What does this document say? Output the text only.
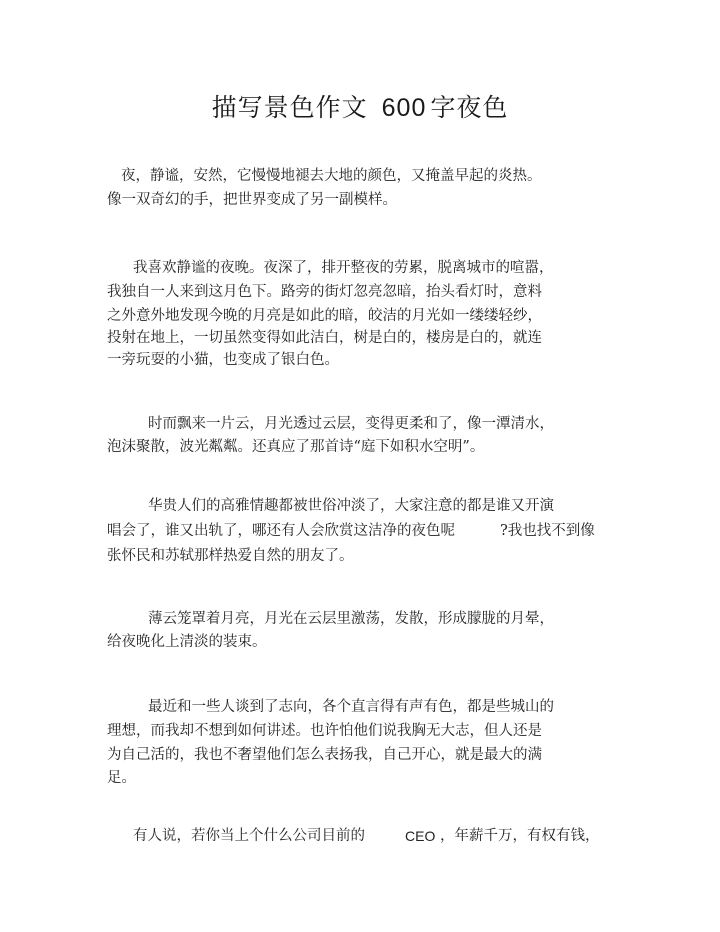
描写景色作文 600 字夜色
夜，静谧，安然，它慢慢地褪去大地的颜色，又掩盖早起的炎热。
像一双奇幻的手，把世界变成了另一副模样。
我喜欢静谧的夜晚。夜深了，排开整夜的劳累，脱离城市的喧嚣，
我独自一人来到这月色下。路旁的街灯忽亮忽暗，抬头看灯时，意料
之外意外地发现今晚的月亮是如此的暗，皎洁的月光如一缕缕轻纱，
投射在地上，一切虽然变得如此洁白，树是白的，楼房是白的，就连
一旁玩耍的小猫，也变成了银白色。
时而飘来一片云，月光透过云层，变得更柔和了，像一潭清水，
泡沫聚散，波光粼粼。还真应了那首诗“庭下如积水空明”。
华贵人们的高雅情趣都被世俗冲淡了，大家注意的都是谁又开演
唱会了，谁又出轨了，哪还有人会欣赏这洁净的夜色呢	?我也找不到像
张怀民和苏轼那样热爱自然的朋友了。
薄云笼罩着月亮，月光在云层里激荡，发散，形成朦胧的月晕，
给夜晚化上清淡的装束。
最近和一些人谈到了志向，各个直言得有声有色，都是些城山的
理想，而我却不想到如何讲述。也许怕他们说我胸无大志，但人还是
为自己活的，我也不奢望他们怎么表扬我，自己开心，就是最大的满
足。
有人说，若你当上个什么公司目前的	CEO ，年薪千万，有权有钱，
